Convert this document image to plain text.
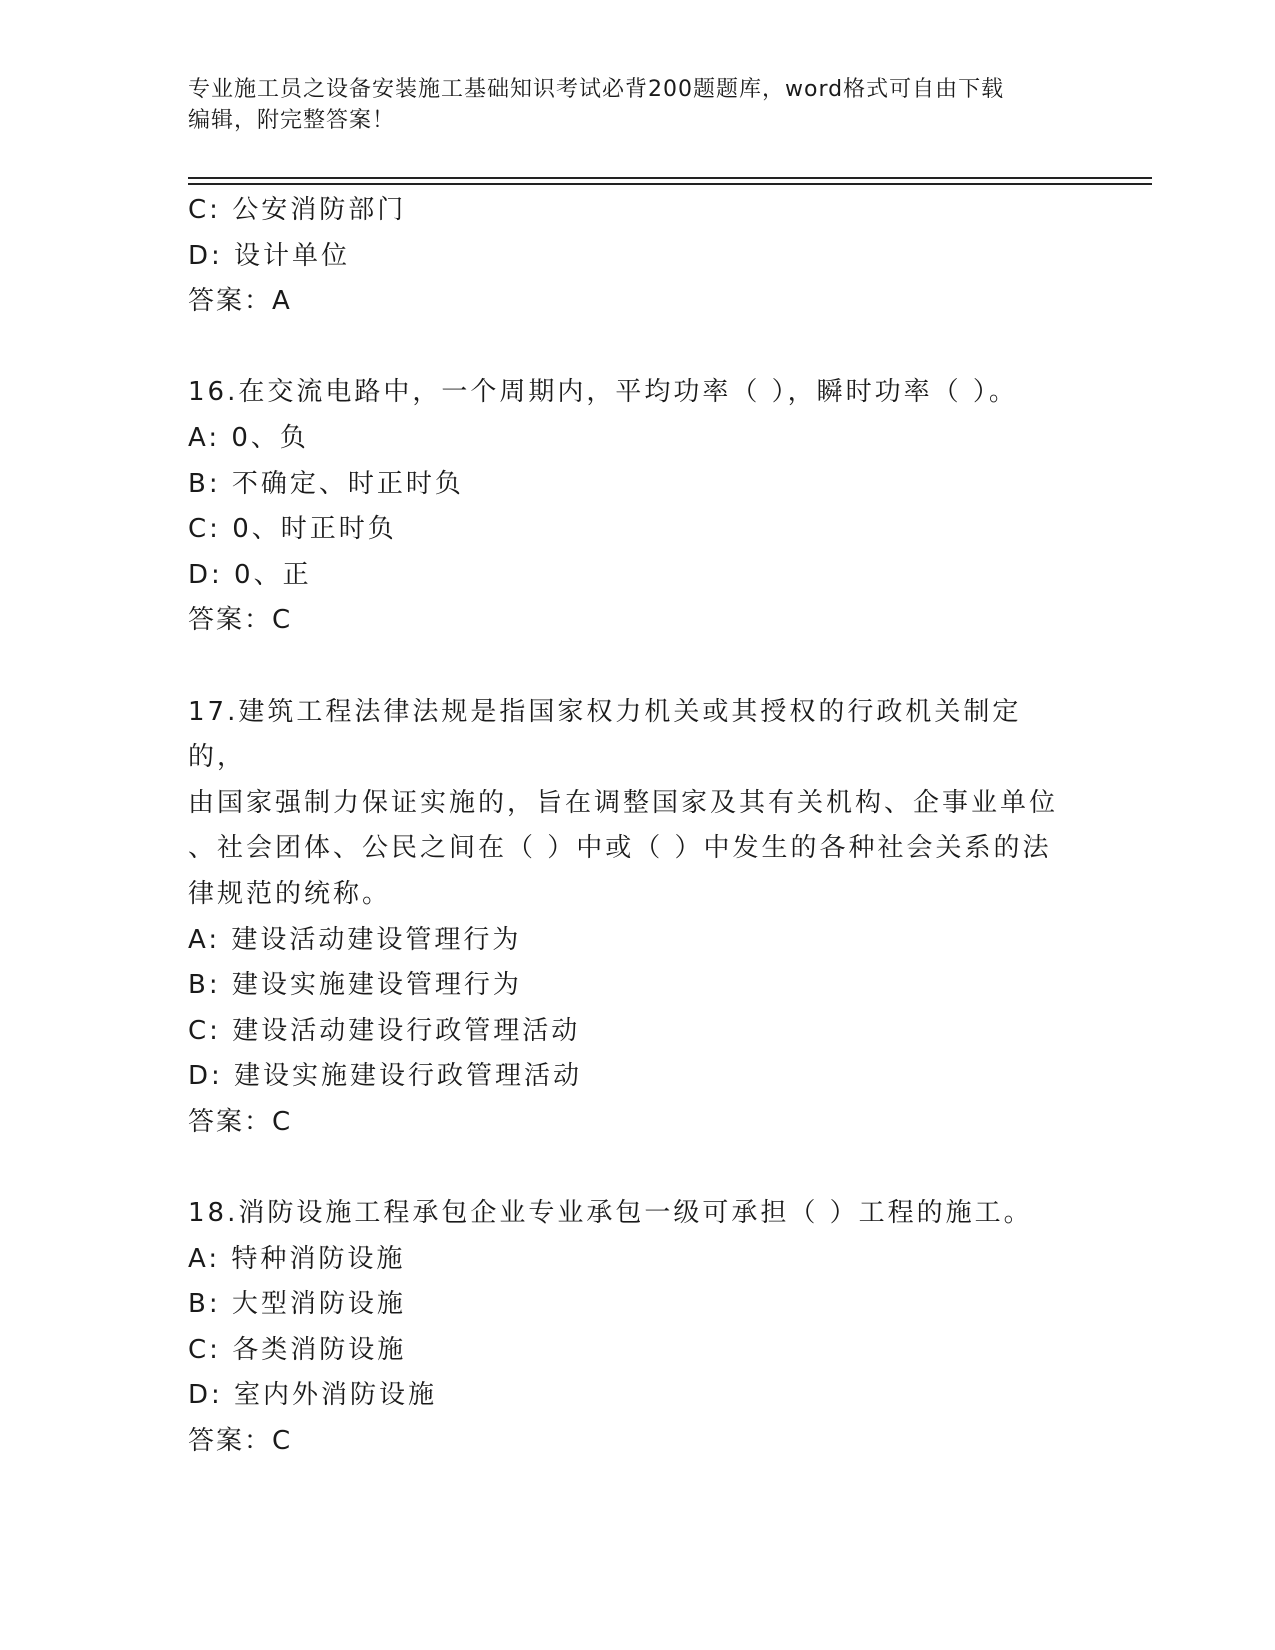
专业施工员之设备安装施工基础知识考试必背200题题库，word格式可自由下载
编辑，附完整答案！
C: 公安消防部门
D: 设计单位
答案：A
16.在交流电路中，一个周期内，平均功率（ ），瞬时功率（ ）。
A: 0、负
B: 不确定、时正时负
C: 0、时正时负
D: 0、正
答案：C
17.建筑工程法律法规是指国家权力机关或其授权的行政机关制定的，
由国家强制力保证实施的，旨在调整国家及其有关机构、企事业单位
、社会团体、公民之间在（ ）中或（ ）中发生的各种社会关系的法
律规范的统称。
A: 建设活动建设管理行为
B: 建设实施建设管理行为
C: 建设活动建设行政管理活动
D: 建设实施建设行政管理活动
答案：C
18.消防设施工程承包企业专业承包一级可承担（ ）工程的施工。
A: 特种消防设施
B: 大型消防设施
C: 各类消防设施
D: 室内外消防设施
答案：C
